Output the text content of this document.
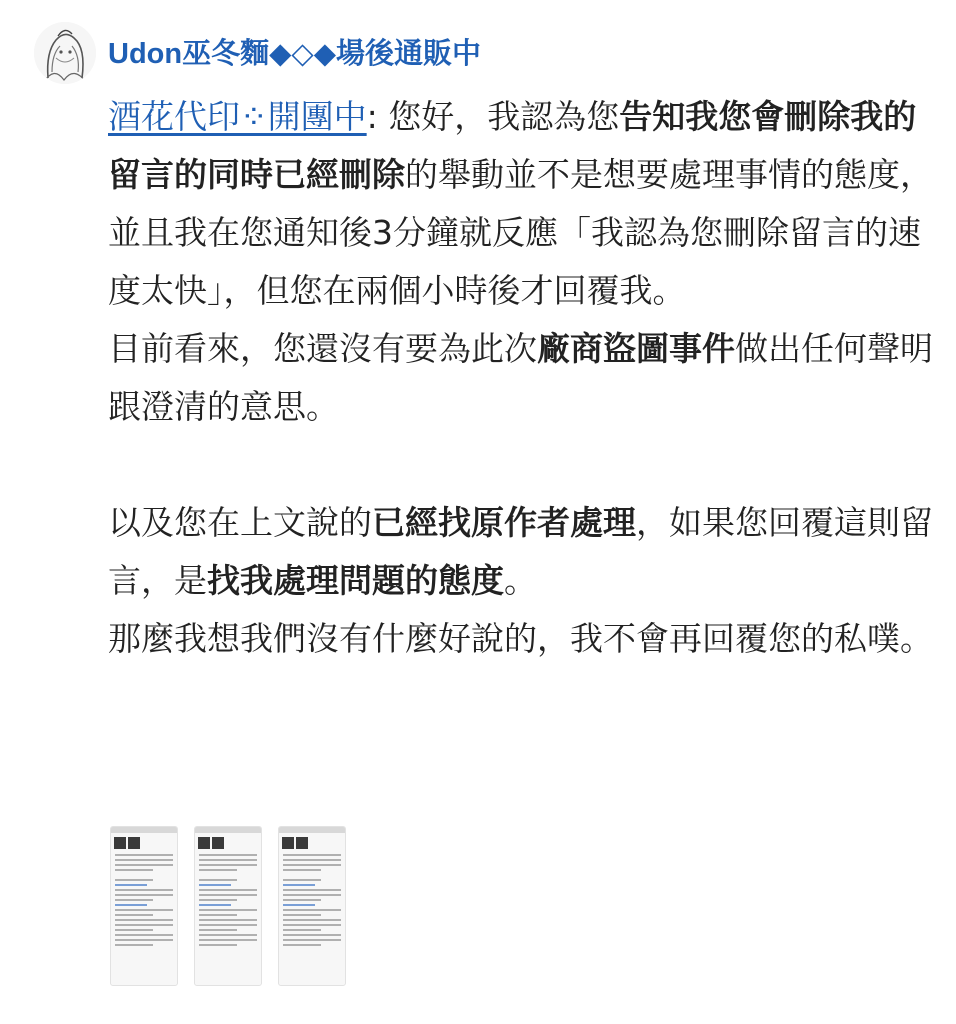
Udon巫冬麵◆◇◆場後通販中

酒花代印⁘開團中: 您好，我認為您告知我您會刪除我的留言的同時已經刪除的舉動並不是想要處理事情的態度，並且我在您通知後3分鐘就反應「我認為您刪除留言的速度太快」，但您在兩個小時後才回覆我。

目前看來，您還沒有要為此次廠商盜圖事件做出任何聲明跟澄清的意思。

以及您在上文說的已經找原作者處理，如果您回覆這則留言，是找我處理問題的態度。

那麼我想我們沒有什麼好說的，我不會再回覆您的私噗。
